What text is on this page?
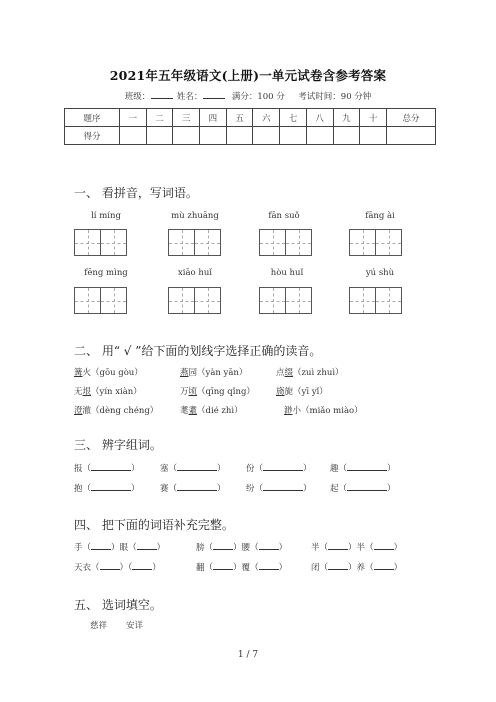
2021年五年级语文(上册)一单元试卷含参考答案
班级：	姓名：	满分：100 分 考试时间：90 分钟
题序	一	二	三	四	五	六	七	八	九	十	总分
得分											
一、 看拼音，写词语。
lí míng	mù zhuāng	fān suǒ	fāng ài
fēng mìng	xiāo huǐ	hòu huǐ	yú shù
二、 用“ √ ”给下面的划线字选择正确的读音。
篝火（gōu gòu）	燕园（yàn yān）	点缀（zuì zhuì）
无垠（yín xiàn）	万顷（qīng qǐng） 旖旎（yī yǐ）
澄澈（dèng chéng）	耄耋（dié zhì）	渺小（miǎo miào）
三、 辨字组词。
报（	） 塞（	） 份（	） 趣（	）
抱（	） 赛（	） 纷（	） 起（	）
四、 把下面的词语补充完整。
手（ ）眼（ ）	膀（ ）腰（ ）	半（ ）半（ ）
天衣（ ）（ ）	翻（ ）覆（ ）	闭（ ）养（ ）
五、 选词填空。
慈祥 安详
1 / 7
